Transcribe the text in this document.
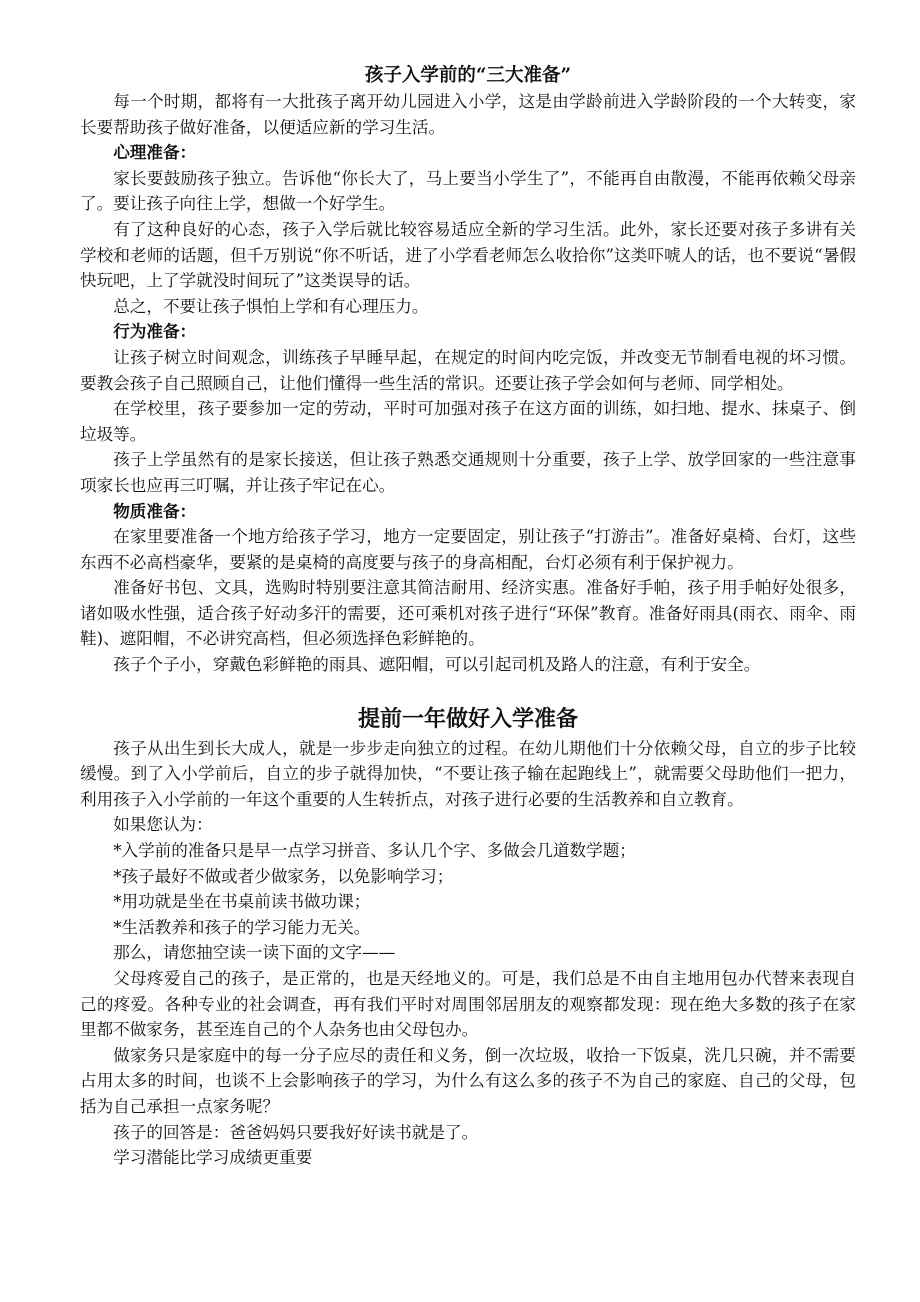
孩子入学前的“三大准备”

每一个时期，都将有一大批孩子离开幼儿园进入小学，这是由学龄前进入学龄阶段的一个大转变，家长要帮助孩子做好准备，以便适应新的学习生活。

心理准备：

家长要鼓励孩子独立。告诉他“你长大了，马上要当小学生了”，不能再自由散漫，不能再依赖父母亲了。要让孩子向往上学，想做一个好学生。

有了这种良好的心态，孩子入学后就比较容易适应全新的学习生活。此外，家长还要对孩子多讲有关学校和老师的话题，但千万别说“你不听话，进了小学看老师怎么收拾你”这类吓唬人的话，也不要说“暑假快玩吧，上了学就没时间玩了”这类误导的话。

总之，不要让孩子惧怕上学和有心理压力。

行为准备：

让孩子树立时间观念，训练孩子早睡早起，在规定的时间内吃完饭，并改变无节制看电视的坏习惯。要教会孩子自己照顾自己，让他们懂得一些生活的常识。还要让孩子学会如何与老师、同学相处。

在学校里，孩子要参加一定的劳动，平时可加强对孩子在这方面的训练，如扫地、提水、抹桌子、倒垃圾等。

孩子上学虽然有的是家长接送，但让孩子熟悉交通规则十分重要，孩子上学、放学回家的一些注意事项家长也应再三叮嘱，并让孩子牢记在心。

物质准备：

在家里要准备一个地方给孩子学习，地方一定要固定，别让孩子“打游击”。准备好桌椅、台灯，这些东西不必高档豪华，要紧的是桌椅的高度要与孩子的身高相配，台灯必须有利于保护视力。

准备好书包、文具，选购时特别要注意其简洁耐用、经济实惠。准备好手帕，孩子用手帕好处很多，诸如吸水性强，适合孩子好动多汗的需要，还可乘机对孩子进行“环保”教育。准备好雨具(雨衣、雨伞、雨鞋)、遮阳帽，不必讲究高档，但必须选择色彩鲜艳的。

孩子个子小，穿戴色彩鲜艳的雨具、遮阳帽，可以引起司机及路人的注意，有利于安全。

提前一年做好入学准备

孩子从出生到长大成人，就是一步步走向独立的过程。在幼儿期他们十分依赖父母，自立的步子比较缓慢。到了入小学前后，自立的步子就得加快，“不要让孩子输在起跑线上”，就需要父母助他们一把力，利用孩子入小学前的一年这个重要的人生转折点，对孩子进行必要的生活教养和自立教育。

如果您认为：

*入学前的准备只是早一点学习拼音、多认几个字、多做会几道数学题；

*孩子最好不做或者少做家务，以免影响学习；

*用功就是坐在书桌前读书做功课；

*生活教养和孩子的学习能力无关。

那么，请您抽空读一读下面的文字——

父母疼爱自己的孩子，是正常的，也是天经地义的。可是，我们总是不由自主地用包办代替来表现自己的疼爱。各种专业的社会调查，再有我们平时对周围邻居朋友的观察都发现：现在绝大多数的孩子在家里都不做家务，甚至连自己的个人杂务也由父母包办。

做家务只是家庭中的每一分子应尽的责任和义务，倒一次垃圾，收拾一下饭桌，洗几只碗，并不需要占用太多的时间，也谈不上会影响孩子的学习，为什么有这么多的孩子不为自己的家庭、自己的父母，包括为自己承担一点家务呢？

孩子的回答是：爸爸妈妈只要我好好读书就是了。

学习潜能比学习成绩更重要
